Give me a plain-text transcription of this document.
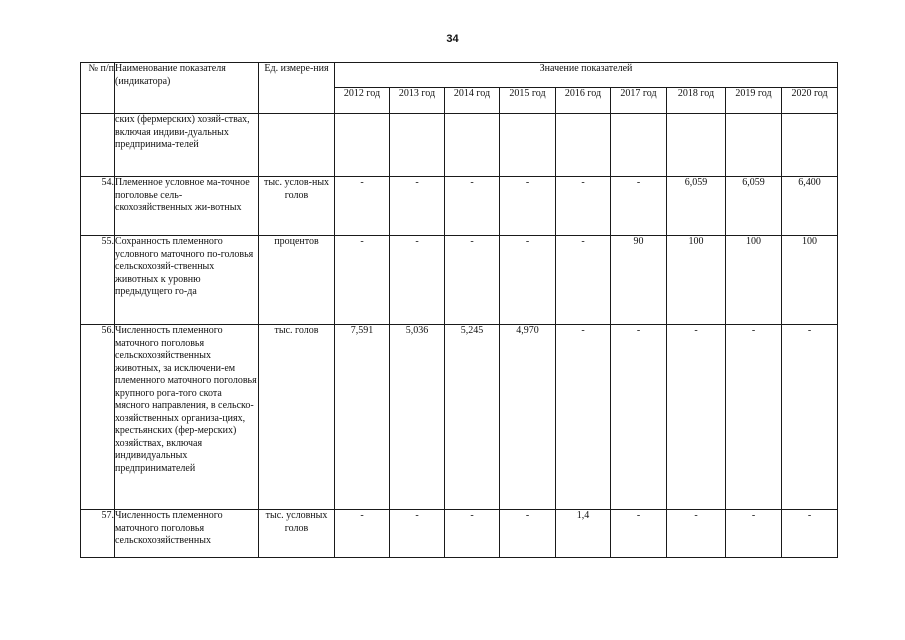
34
№ п/п	Наименование показателя (индикатора)	Ед. измере-ния	Значение показателей								
			2012 год	2013 год	2014 год	2015 год	2016 год	2017 год	2018 год	2019 год	2020 год
	ских (фермерских) хозяй-ствах, включая индиви-дуальных предпринима-телей										
54.	Племенное условное ма-точное поголовье сель-скохозяйственных жи-вотных	тыс. услов-ных голов	-	-	-	-	-	-	6,059	6,059	6,400
55.	Сохранность племенного условного маточного по-головья сельскохозяй-ственных животных к уровню предыдущего го-да	процентов	-	-	-	-	-	90	100	100	100
56.	Численность племенного маточного поголовья сельскохозяйственных животных, за исключени-ем племенного маточного поголовья крупного рога-того скота мясного направления, в сельско-хозяйственных организа-циях, крестьянских (фер-мерских) хозяйствах, включая индивидуальных предпринимателей	тыс. голов	7,591	5,036	5,245	4,970	-	-	-	-	-
57.	Численность племенного маточного поголовья сельскохозяйственных	тыс. условных голов	-	-	-	-	1,4	-	-	-	-
